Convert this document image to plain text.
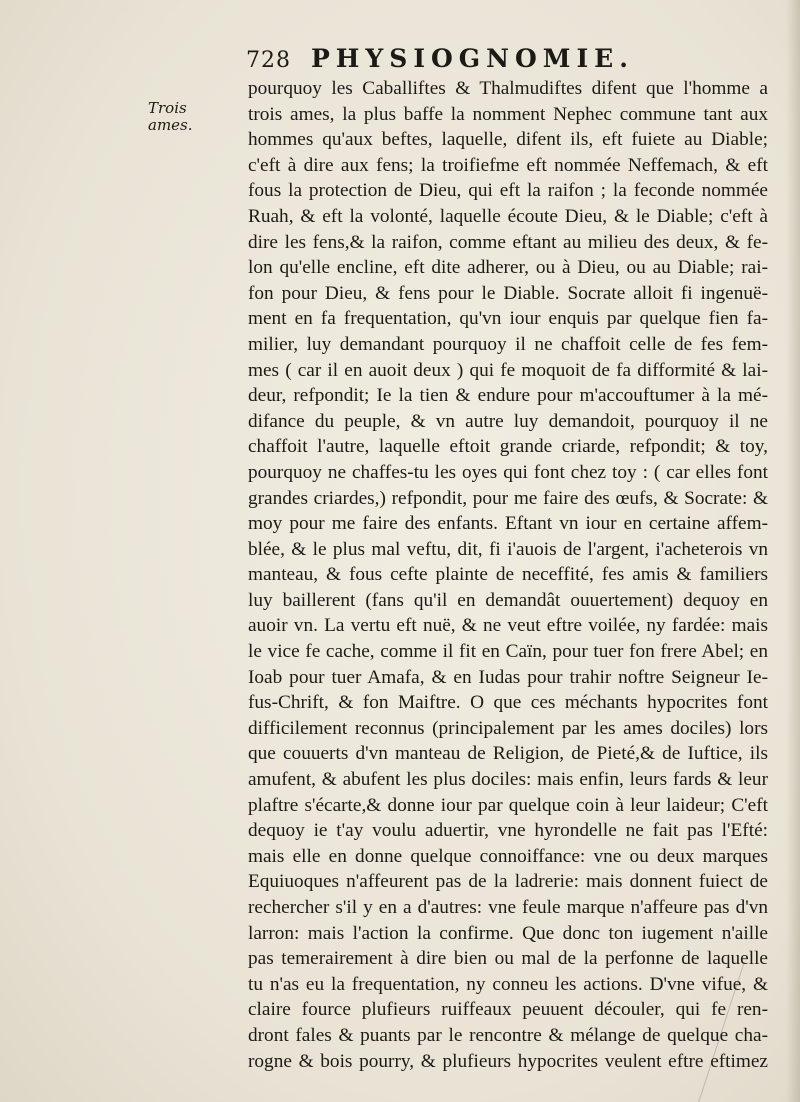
728 PHYSIOGNOMIE.
Trois
ames.
pourquoy les Caballiftes & Thalmudiftes difent que l'homme a
trois ames, la plus baffe la nomment Nephec commune tant aux
hommes qu'aux beftes, laquelle, difent ils, eft fuiete au Diable;
c'eft à dire aux fens; la troifiefme eft nommée Neffemach, & eft
fous la protection de Dieu, qui eft la raifon ; la feconde nommée
Ruah, & eft la volonté, laquelle écoute Dieu, & le Diable; c'eft à
dire les fens,& la raifon, comme eftant au milieu des deux, & fe-
lon qu'elle encline, eft dite adherer, ou à Dieu, ou au Diable; rai-
fon pour Dieu, & fens pour le Diable. Socrate alloit fi ingenuë-
ment en fa frequentation, qu'vn iour enquis par quelque fien fa-
milier, luy demandant pourquoy il ne chaffoit celle de fes fem-
mes ( car il en auoit deux ) qui fe moquoit de fa difformité & lai-
deur, refpondit; Ie la tien & endure pour m'accouftumer à la mé-
difance du peuple, & vn autre luy demandoit, pourquoy il ne
chaffoit l'autre, laquelle eftoit grande criarde, refpondit; & toy,
pourquoy ne chaffes-tu les oyes qui font chez toy : ( car elles font
grandes criardes,) refpondit, pour me faire des œufs, & Socrate: &
moy pour me faire des enfants. Eftant vn iour en certaine affem-
blée, & le plus mal veftu, dit, fi i'auois de l'argent, i'acheterois vn
manteau, & fous cefte plainte de neceffité, fes amis & familiers
luy baillerent (fans qu'il en demandât ouuertement) dequoy en
auoir vn. La vertu eft nuë, & ne veut eftre voilée, ny fardée: mais
le vice fe cache, comme il fit en Caïn, pour tuer fon frere Abel; en
Ioab pour tuer Amafa, & en Iudas pour trahir noftre Seigneur Ie-
fus-Chrift, & fon Maiftre. O que ces méchants hypocrites font
difficilement reconnus (principalement par les ames dociles) lors
que couuerts d'vn manteau de Religion, de Pieté,& de Iuftice, ils
amufent, & abufent les plus dociles: mais enfin, leurs fards & leur
plaftre s'écarte,& donne iour par quelque coin à leur laideur; C'eft
dequoy ie t'ay voulu aduertir, vne hyrondelle ne fait pas l'Efté:
mais elle en donne quelque connoiffance: vne ou deux marques
Equiuoques n'affeurent pas de la ladrerie: mais donnent fuiect de
rechercher s'il y en a d'autres: vne feule marque n'affeure pas d'vn
larron: mais l'action la confirme. Que donc ton iugement n'aille
pas temerairement à dire bien ou mal de la perfonne de laquelle
tu n'as eu la frequentation, ny conneu les actions. D'vne vifue, &
claire fource plufieurs ruiffeaux peuuent découler, qui fe ren-
dront fales & puants par le rencontre & mélange de quelque cha-
rogne & bois pourry, & plufieurs hypocrites veulent eftre eftimez
